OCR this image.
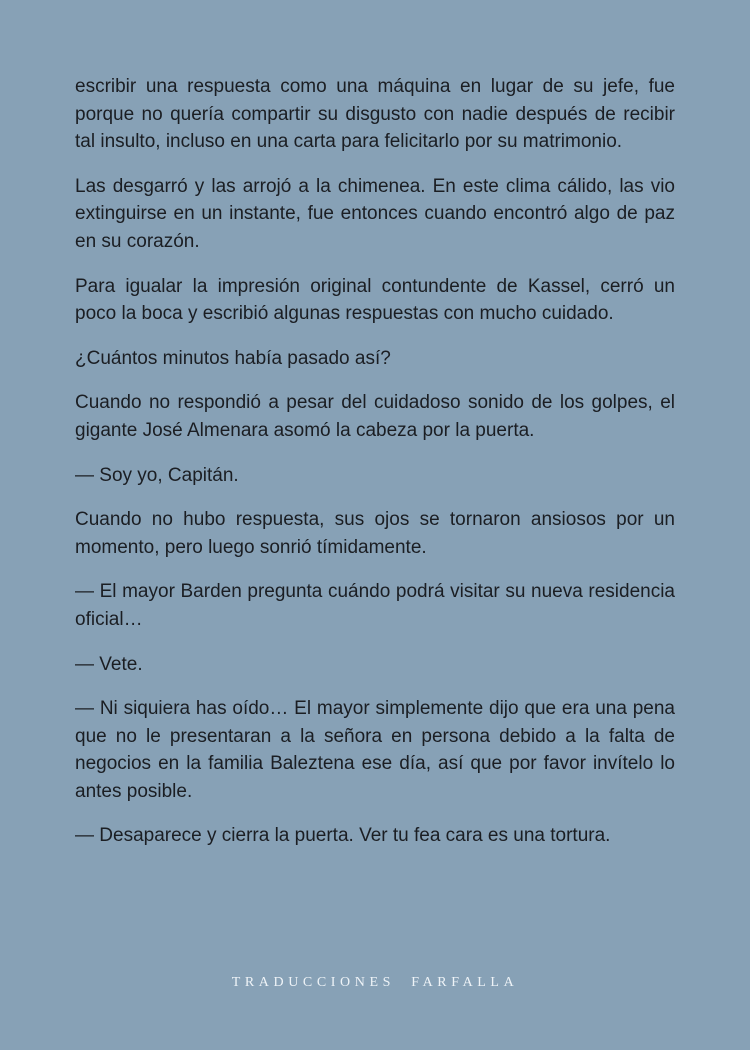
escribir una respuesta como una máquina en lugar de su jefe, fue porque no quería compartir su disgusto con nadie después de recibir tal insulto, incluso en una carta para felicitarlo por su matrimonio.

Las desgarró y las arrojó a la chimenea. En este clima cálido, las vio extinguirse en un instante, fue entonces cuando encontró algo de paz en su corazón.

Para igualar la impresión original contundente de Kassel, cerró un poco la boca y escribió algunas respuestas con mucho cuidado.

¿Cuántos minutos había pasado así?

Cuando no respondió a pesar del cuidadoso sonido de los golpes, el gigante José Almenara asomó la cabeza por la puerta.

— Soy yo, Capitán.

Cuando no hubo respuesta, sus ojos se tornaron ansiosos por un momento, pero luego sonrió tímidamente.

— El mayor Barden pregunta cuándo podrá visitar su nueva residencia oficial…

— Vete.

— Ni siquiera has oído… El mayor simplemente dijo que era una pena que no le presentaran a la señora en persona debido a la falta de negocios en la familia Baleztena ese día, así que por favor invítelo lo antes posible.

— Desaparece y cierra la puerta. Ver tu fea cara es una tortura.

TRADUCCIONES  FARFALLA
